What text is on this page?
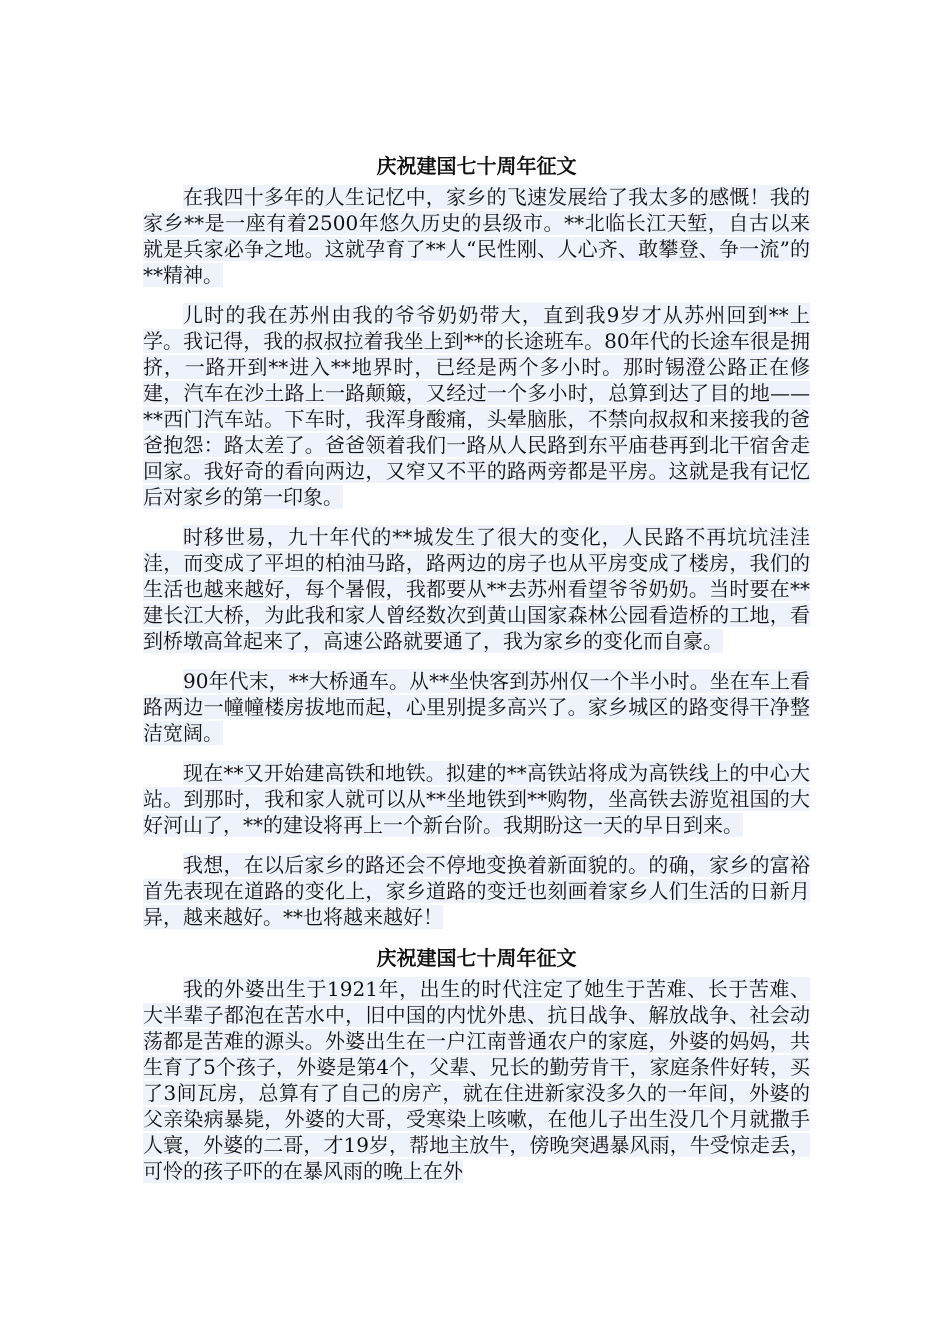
庆祝建国七十周年征文

在我四十多年的人生记忆中，家乡的飞速发展给了我太多的感慨！我的家乡**是一座有着2500年悠久历史的县级市。**北临长江天堑，自古以来就是兵家必争之地。这就孕育了**人“民性刚、人心齐、敢攀登、争一流”的**精神。

儿时的我在苏州由我的爷爷奶奶带大，直到我9岁才从苏州回到**上学。我记得，我的叔叔拉着我坐上到**的长途班车。80年代的长途车很是拥挤，一路开到**进入**地界时，已经是两个多小时。那时锡澄公路正在修建，汽车在沙土路上一路颠簸，又经过一个多小时，总算到达了目的地——**西门汽车站。下车时，我浑身酸痛，头晕脑胀，不禁向叔叔和来接我的爸爸抱怨：路太差了。爸爸领着我们一路从人民路到东平庙巷再到北干宿舍走回家。我好奇的看向两边，又窄又不平的路两旁都是平房。这就是我有记忆后对家乡的第一印象。

时移世易，九十年代的**城发生了很大的变化，人民路不再坑坑洼洼洼，而变成了平坦的柏油马路，路两边的房子也从平房变成了楼房，我们的生活也越来越好，每个暑假，我都要从**去苏州看望爷爷奶奶。当时要在**建长江大桥，为此我和家人曾经数次到黄山国家森林公园看造桥的工地，看到桥墩高耸起来了，高速公路就要通了，我为家乡的变化而自豪。

90年代末，**大桥通车。从**坐快客到苏州仅一个半小时。坐在车上看路两边一幢幢楼房拔地而起，心里别提多高兴了。家乡城区的路变得干净整洁宽阔。

现在**又开始建高铁和地铁。拟建的**高铁站将成为高铁线上的中心大站。到那时，我和家人就可以从**坐地铁到**购物，坐高铁去游览祖国的大好河山了，**的建设将再上一个新台阶。我期盼这一天的早日到来。

我想，在以后家乡的路还会不停地变换着新面貌的。的确，家乡的富裕首先表现在道路的变化上，家乡道路的变迁也刻画着家乡人们生活的日新月异，越来越好。**也将越来越好！

庆祝建国七十周年征文

我的外婆出生于1921年，出生的时代注定了她生于苦难、长于苦难、大半辈子都泡在苦水中，旧中国的内忧外患、抗日战争、解放战争、社会动荡都是苦难的源头。外婆出生在一户江南普通农户的家庭，外婆的妈妈，共生育了5个孩子，外婆是第4个，父辈、兄长的勤劳肯干，家庭条件好转，买了3间瓦房，总算有了自己的房产，就在住进新家没多久的一年间，外婆的父亲染病暴毙，外婆的大哥，受寒染上咳嗽，在他儿子出生没几个月就撒手人寰，外婆的二哥，才19岁，帮地主放牛，傍晚突遇暴风雨，牛受惊走丢，可怜的孩子吓的在暴风雨的晚上在外
